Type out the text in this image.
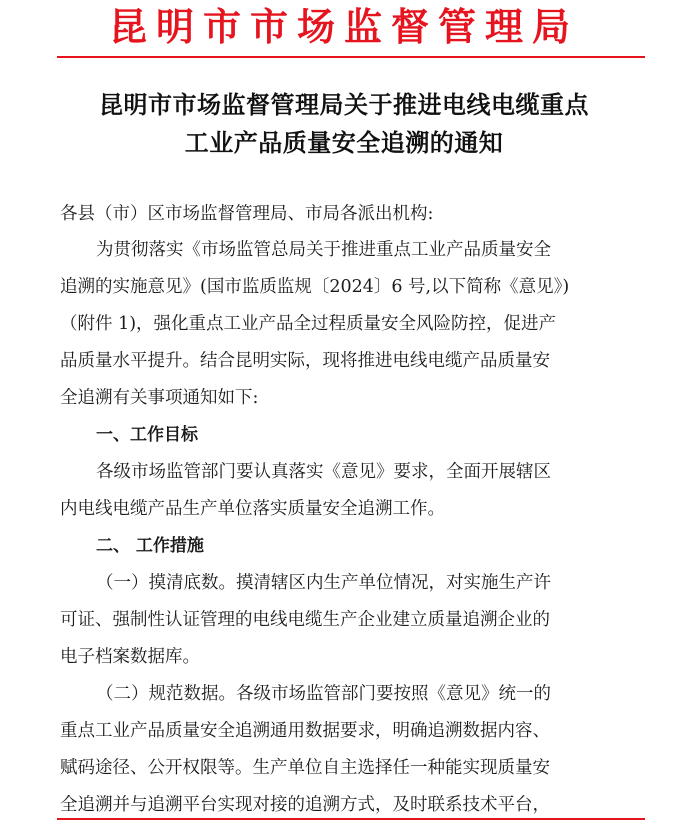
昆明市市场监督管理局
昆明市市场监督管理局关于推进电线电缆重点
工业产品质量安全追溯的通知
各县（市）区市场监督管理局、市局各派出机构:
为贯彻落实《市场监管总局关于推进重点工业产品质量安全
追溯的实施意见》(国市监质监规〔2024〕6 号,以下简称《意见》)
（附件 1)，强化重点工业产品全过程质量安全风险防控，促进产
品质量水平提升。结合昆明实际，现将推进电线电缆产品质量安
全追溯有关事项通知如下:
一、工作目标
各级市场监管部门要认真落实《意见》要求，全面开展辖区
内电线电缆产品生产单位落实质量安全追溯工作。
二、 工作措施
（一）摸清底数。摸清辖区内生产单位情况，对实施生产许
可证、强制性认证管理的电线电缆生产企业建立质量追溯企业的
电子档案数据库。
（二）规范数据。各级市场监管部门要按照《意见》统一的
重点工业产品质量安全追溯通用数据要求，明确追溯数据内容、
赋码途径、公开权限等。生产单位自主选择任一种能实现质量安
全追溯并与追溯平台实现对接的追溯方式，及时联系技术平台，
